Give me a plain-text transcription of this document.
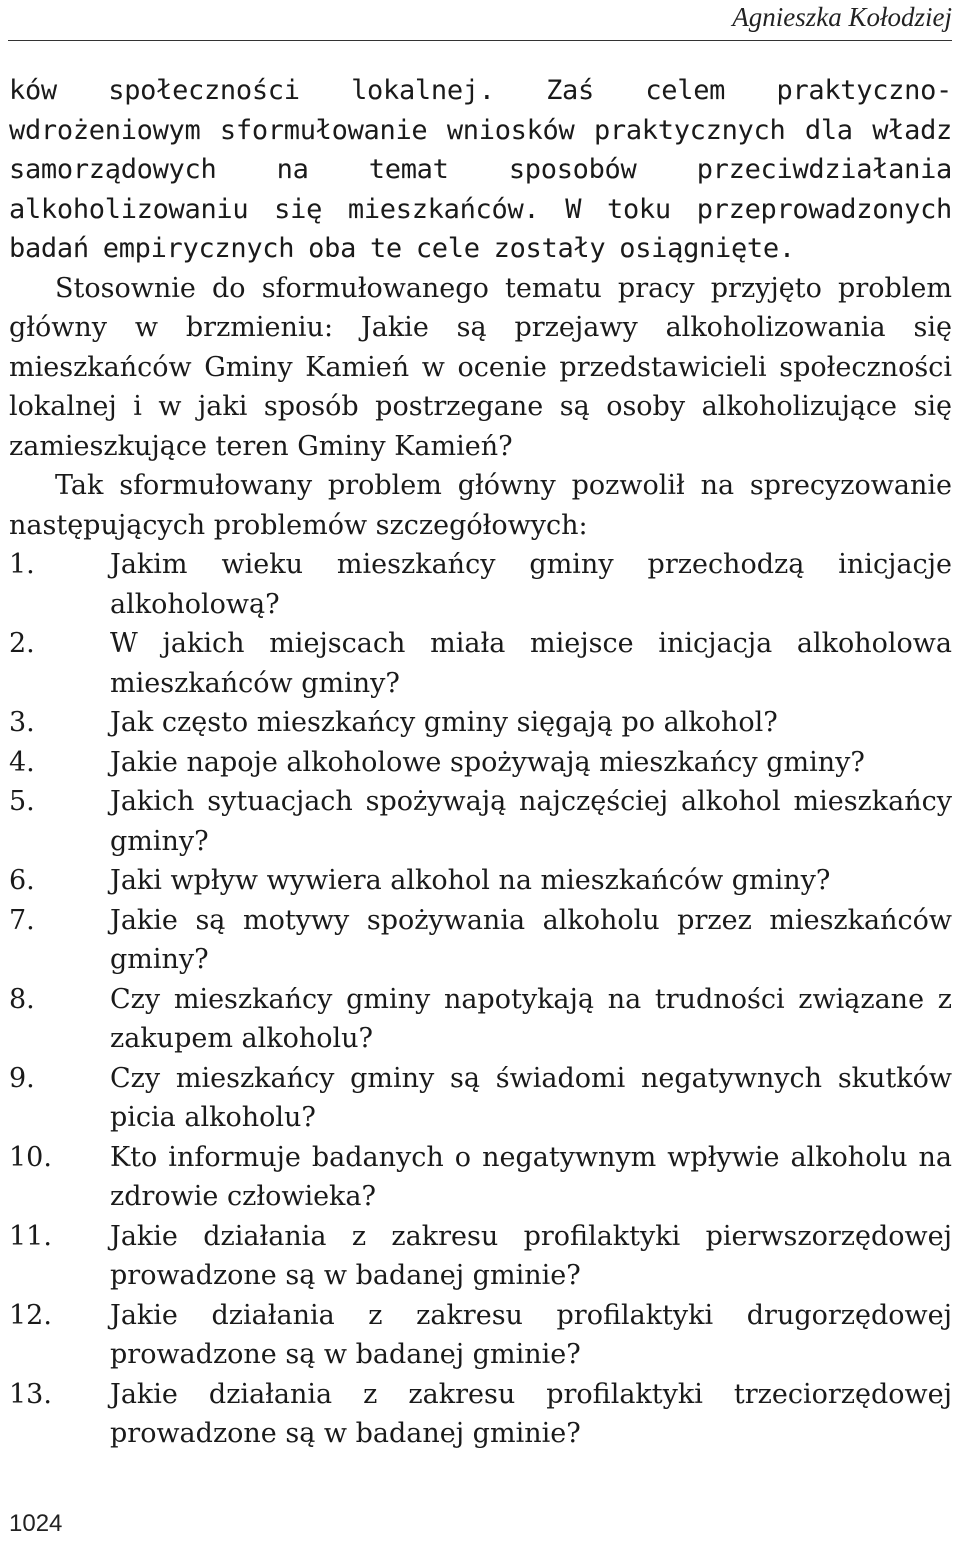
Agnieszka Kołodziej

ków społeczności lokalnej. Zaś celem praktyczno-wdrożeniowym sformułowanie wniosków praktycznych dla władz samorządowych na temat sposobów przeciwdziałania alkoholizowaniu się mieszkańców. W toku przeprowadzonych badań empirycznych oba te cele zostały osiągnięte.

Stosownie do sformułowanego tematu pracy przyjęto problem główny w brzmieniu: Jakie są przejawy alkoholizowania się mieszkańców Gminy Kamień w ocenie przedstawicieli społeczności lokalnej i w jaki sposób postrzegane są osoby alkoholizujące się zamieszkujące teren Gminy Kamień?

Tak sformułowany problem główny pozwolił na sprecyzowanie następujących problemów szczegółowych:

1.	Jakim wieku mieszkańcy gminy przechodzą inicjacje alkoholową?
2.	W jakich miejscach miała miejsce inicjacja alkoholowa mieszkańców gminy?
3.	Jak często mieszkańcy gminy sięgają po alkohol?
4.	Jakie napoje alkoholowe spożywają mieszkańcy gminy?
5.	Jakich sytuacjach spożywają najczęściej alkohol mieszkańcy gminy?
6.	Jaki wpływ wywiera alkohol na mieszkańców gminy?
7.	Jakie są motywy spożywania alkoholu przez mieszkańców gminy?
8.	Czy mieszkańcy gminy napotykają na trudności związane z zakupem alkoholu?
9.	Czy mieszkańcy gminy są świadomi negatywnych skutków picia alkoholu?
10.	Kto informuje badanych o negatywnym wpływie alkoholu na zdrowie człowieka?
11.	Jakie działania z zakresu profilaktyki pierwszorzędowej prowadzone są w badanej gminie?
12.	Jakie działania z zakresu profilaktyki drugorzędowej prowadzone są w badanej gminie?
13.	Jakie działania z zakresu profilaktyki trzeciorzędowej prowadzone są w badanej gminie?
1024
